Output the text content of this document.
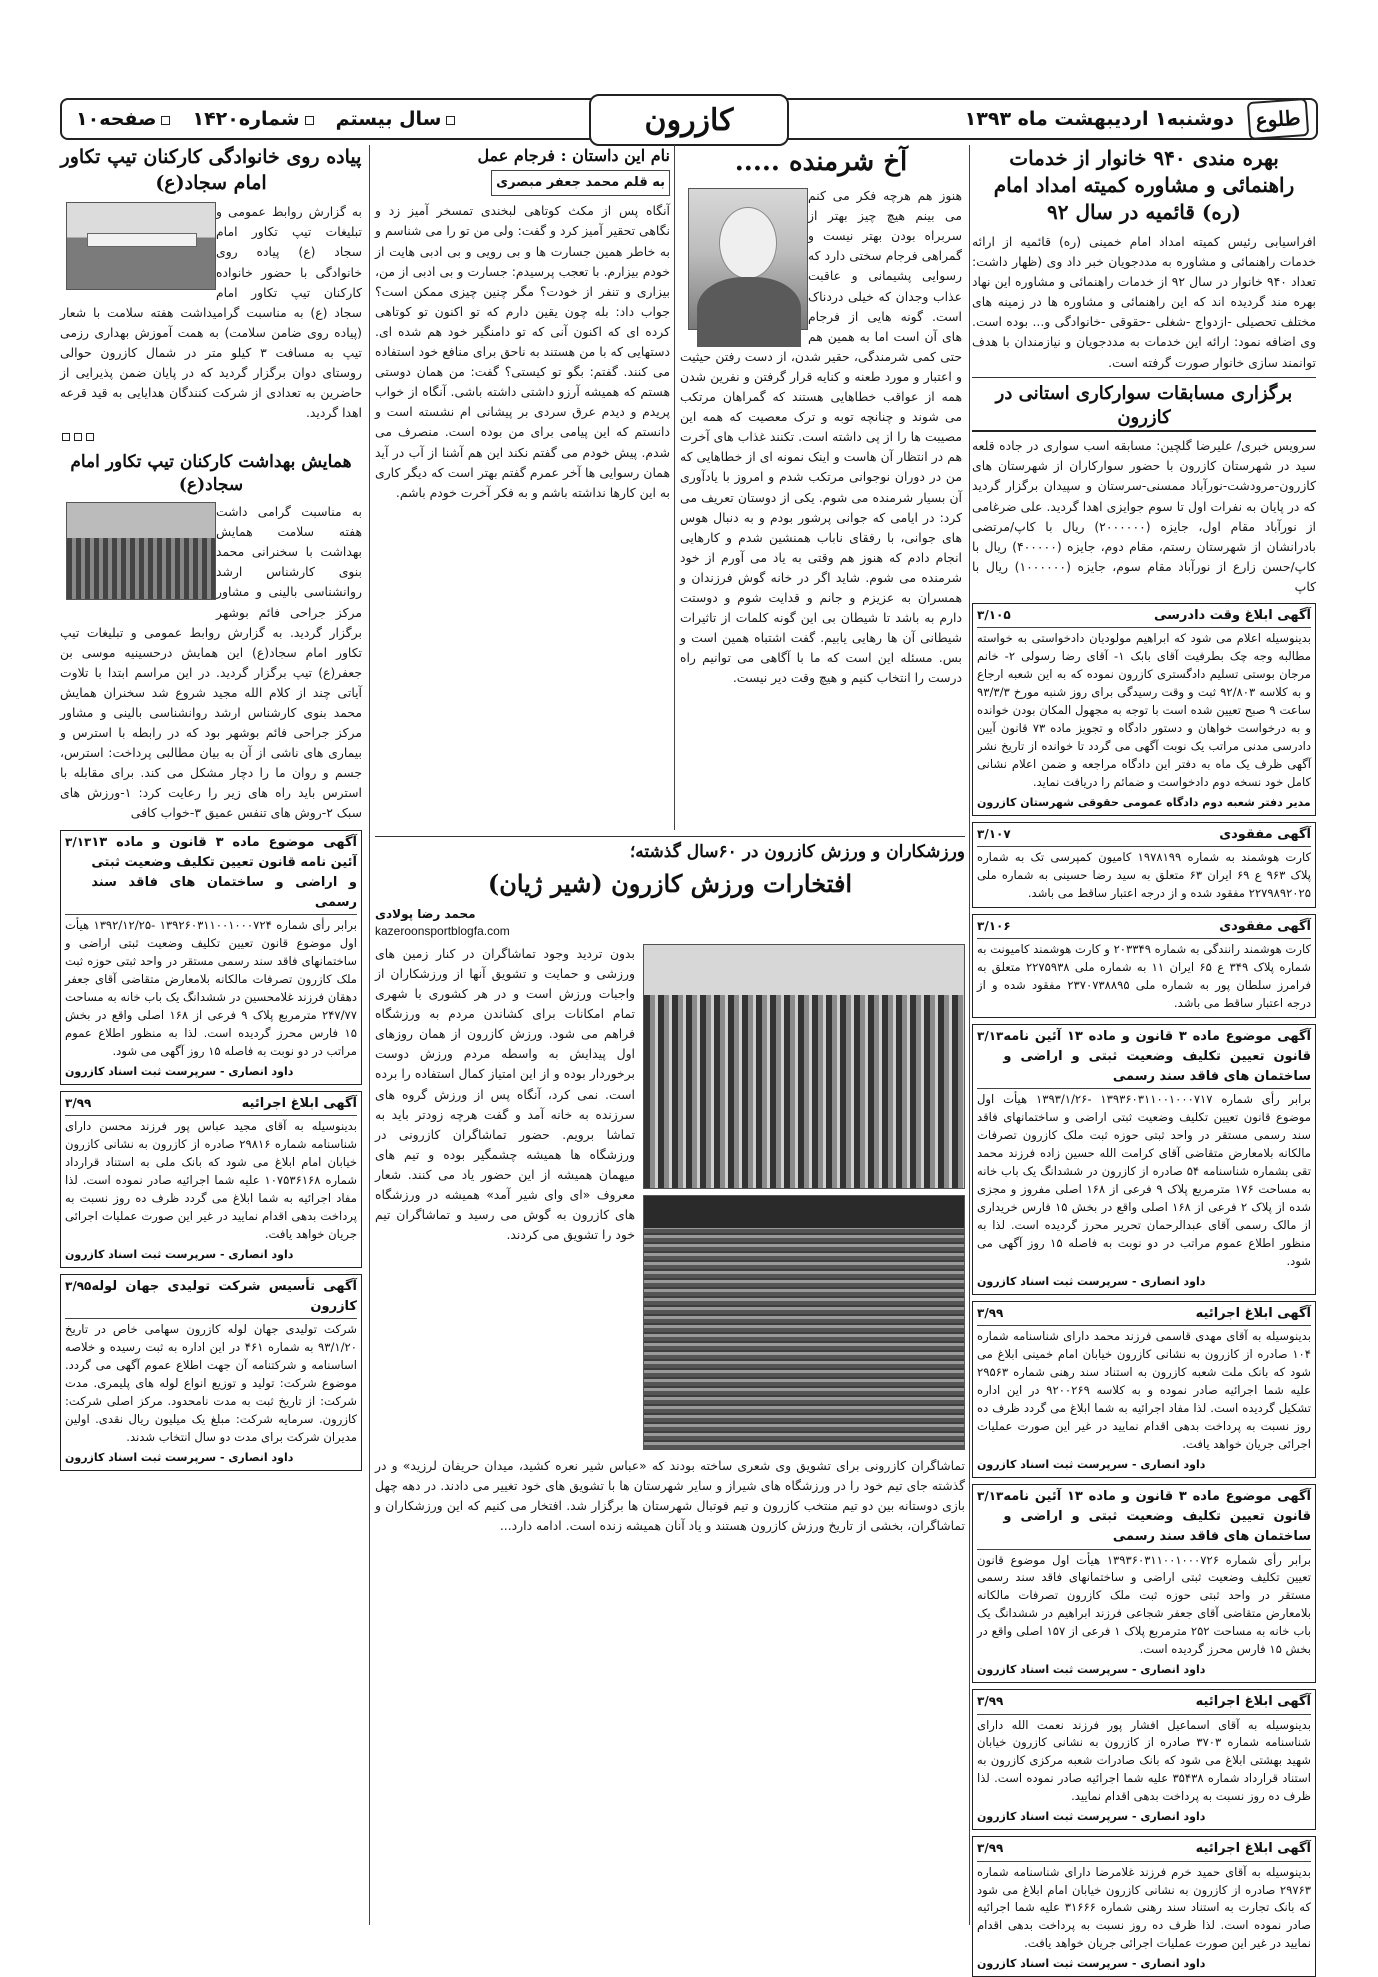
طلوع
دوشنبه۱ اردیبهشت ماه ۱۳۹۳
کازرون
سال بیستم
شماره۱۴۲۰
صفحه۱۰
بهره مندی ۹۴۰ خانوار از خدمات راهنمائی و مشاوره کمیته امداد امام (ره) قائمیه در سال ۹۲
افراسیابی رئیس کمیته امداد امام خمینی (ره) قائمیه از ارائه خدمات راهنمائی و مشاوره به مددجویان خبر داد وی (ظهار داشت: تعداد ۹۴۰ خانوار در سال ۹۲ از خدمات راهنمائی و مشاوره این نهاد بهره مند گردیده اند که این راهنمائی و مشاوره ها در زمینه های مختلف تحصیلی -ازدواج -شغلی -حقوقی -خانوادگی و... بوده است. وی اضافه نمود: ارائه این خدمات به مددجویان و نیازمندان با هدف توانمند سازی خانوار صورت گرفته است.
برگزاری مسابقات سوارکاری استانی در کازرون
سرویس خبری/ علیرضا گلچین: مسابقه اسب سواری در جاده قلعه سید در شهرستان کازرون با حضور سوارکاران از شهرستان های کازرون-مرودشت-نورآباد ممسنی-سرستان و سپیدان برگزار گردید که در پایان به نفرات اول تا سوم جوایزی اهدا گردید. علی ضرغامی از نورآباد مقام اول، جایزه (۲۰۰۰۰۰۰) ریال با کاپ/مرتضی بادرانشان از شهرستان رستم، مقام دوم، جایزه (۴۰۰۰۰۰) ریال با کاپ/حسن زارع از نورآباد مقام سوم، جایزه (۱۰۰۰۰۰۰) ریال با کاپ
آگهی ابلاغ وقت دادرسی
۳/۱۰۵
بدینوسیله اعلام می شود که ابراهیم مولودیان دادخواستی به خواسته مطالبه وجه چک بطرفیت آقای بابک ۱- آقای رضا رسولی ۲- خانم مرجان بوستی تسلیم دادگستری کازرون نموده که به این شعبه ارجاع و به کلاسه ۹۲/۸۰۳ ثبت و وقت رسیدگی برای روز شنبه مورخ ۹۳/۳/۳ ساعت ۹ صبح تعیین شده است با توجه به مجهول المکان بودن خوانده و به درخواست خواهان و دستور دادگاه و تجویز ماده ۷۳ قانون آیین دادرسی مدنی مراتب یک نوبت آگهی می گردد تا خوانده از تاریخ نشر آگهی ظرف یک ماه به دفتر این دادگاه مراجعه و ضمن اعلام نشانی کامل خود نسخه دوم دادخواست و ضمائم را دریافت نماید.
مدیر دفتر شعبه دوم دادگاه عمومی حقوقی شهرستان کازرون
آگهی مفقودی
۳/۱۰۷
کارت هوشمند به شماره ۱۹۷۸۱۹۹ کامیون کمپرسی تک به شماره پلاک ۹۶۳ ع ۶۹ ایران ۶۳ متعلق به سید رضا حسینی به شماره ملی ۲۲۷۹۸۹۲۰۲۵ مفقود شده و از درجه اعتبار ساقط می باشد.
آگهی مفقودی
۳/۱۰۶
کارت هوشمند رانندگی به شماره ۲۰۳۳۴۹ و کارت هوشمند کامیونت به شماره پلاک ۳۴۹ ع ۶۵ ایران ۱۱ به شماره ملی ۲۲۷۵۹۳۸ متعلق به فرامرز سلطان پور به شماره ملی ۲۳۷۰۷۳۸۸۹۵ مفقود شده و از درجه اعتبار ساقط می باشد.
آگهی موضوع ماده ۳ قانون و ماده ۱۳ آئین نامه قانون تعیین تکلیف وضعیت ثبتی و اراضی و ساختمان های فاقد سند رسمی
۳/۱۳
برابر رأی شماره ۱۳۹۳۶۰۳۱۱۰۰۱۰۰۰۷۱۷ -۱۳۹۳/۱/۲۶ هیأت اول موضوع قانون تعیین تکلیف وضعیت ثبتی اراضی و ساختمانهای فاقد سند رسمی مستقر در واحد ثبتی حوزه ثبت ملک کازرون تصرفات مالکانه بلامعارض متقاضی آقای کرامت الله حسین زاده فرزند محمد تقی بشماره شناسنامه ۵۴ صادره از کازرون در ششدانگ یک باب خانه به مساحت ۱۷۶ مترمربع پلاک ۹ فرعی از ۱۶۸ اصلی مفروز و مجزی شده از پلاک ۲ فرعی از ۱۶۸ اصلی واقع در بخش ۱۵ فارس خریداری از مالک رسمی آقای عبدالرحمان تحریر محرز گردیده است. لذا به منظور اطلاع عموم مراتب در دو نوبت به فاصله ۱۵ روز آگهی می شود.
داود انصاری - سرپرست ثبت اسناد کازرون
آگهی ابلاغ اجرائیه
۳/۹۹
بدینوسیله به آقای مهدی قاسمی فرزند محمد دارای شناسنامه شماره ۱۰۴ صادره از کازرون به نشانی کازرون خیابان امام خمینی ابلاغ می شود که بانک ملت شعبه کازرون به استناد سند رهنی شماره ۲۹۵۶۳ علیه شما اجرائیه صادر نموده و به کلاسه ۹۲۰۰۲۶۹ در این اداره تشکیل گردیده است. لذا مفاد اجرائیه به شما ابلاغ می گردد ظرف ده روز نسبت به پرداخت بدهی اقدام نمایید در غیر این صورت عملیات اجرائی جریان خواهد یافت.
داود انصاری - سرپرست ثبت اسناد کازرون
آگهی موضوع ماده ۳ قانون و ماده ۱۳ آئین نامه قانون تعیین تکلیف وضعیت ثبتی و اراضی و ساختمان های فاقد سند رسمی
۳/۱۳
برابر رأی شماره ۱۳۹۳۶۰۳۱۱۰۰۱۰۰۰۷۲۶ هیأت اول موضوع قانون تعیین تکلیف وضعیت ثبتی اراضی و ساختمانهای فاقد سند رسمی مستقر در واحد ثبتی حوزه ثبت ملک کازرون تصرفات مالکانه بلامعارض متقاضی آقای جعفر شجاعی فرزند ابراهیم در ششدانگ یک باب خانه به مساحت ۲۵۲ مترمربع پلاک ۱ فرعی از ۱۵۷ اصلی واقع در بخش ۱۵ فارس محرز گردیده است.
داود انصاری - سرپرست ثبت اسناد کازرون
آگهی ابلاغ اجرائیه
۳/۹۹
بدینوسیله به آقای اسماعیل افشار پور فرزند نعمت الله دارای شناسنامه شماره ۳۷۰۳ صادره از کازرون به نشانی کازرون خیابان شهید بهشتی ابلاغ می شود که بانک صادرات شعبه مرکزی کازرون به استناد قرارداد شماره ۳۵۴۳۸ علیه شما اجرائیه صادر نموده است. لذا ظرف ده روز نسبت به پرداخت بدهی اقدام نمایید.
داود انصاری - سرپرست ثبت اسناد کازرون
آگهی ابلاغ اجرائیه
۳/۹۹
بدینوسیله به آقای حمید خرم فرزند غلامرضا دارای شناسنامه شماره ۲۹۷۶۳ صادره از کازرون به نشانی کازرون خیابان امام ابلاغ می شود که بانک تجارت به استناد سند رهنی شماره ۳۱۶۶۶ علیه شما اجرائیه صادر نموده است. لذا ظرف ده روز نسبت به پرداخت بدهی اقدام نمایید در غیر این صورت عملیات اجرائی جریان خواهد یافت.
داود انصاری - سرپرست ثبت اسناد کازرون
آخ شرمنده .....
هنوز هم هرچه فکر می کنم می بینم هیچ چیز بهتر از سربراه بودن بهتر نیست و گمراهی فرجام سختی دارد که رسوایی پشیمانی و عاقبت عذاب وجدان که خیلی دردناک است. گونه هایی از فرجام های آن است اما به همین هم حتی کمی شرمندگی، حقیر شدن، از دست رفتن حیثیت و اعتبار و مورد طعنه و کنایه قرار گرفتن و نفرین شدن همه از عواقب خطاهایی هستند که گمراهان مرتکب می شوند و چنانچه توبه و ترک معصیت که همه این مصیبت ها را از پی داشته است. تکنند غذاب های آخرت هم در انتظار آن هاست و اینک نمونه ای از خطاهایی که من در دوران نوجوانی مرتکب شدم و امروز با یادآوری آن بسیار شرمنده می شوم. یکی از دوستان تعریف می کرد: در ایامی که جوانی پرشور بودم و به دنبال هوس های جوانی، با رفقای ناباب همنشین شدم و کارهایی انجام دادم که هنوز هم وقتی به یاد می آورم از خود شرمنده می شوم. شاید اگر در خانه گوش فرزندان و همسران به عزیزم و جانم و قدایت شوم و دوستت دارم به باشد تا شیطان بی این گونه کلمات از تاثیرات شیطانی آن ها رهایی یابیم. گفت اشتباه همین است و بس. مسئله این است که ما با آگاهی می توانیم راه درست را انتخاب کنیم و هیچ وقت دیر نیست.
نام این داستان : فرجام عمل
به قلم محمد جعفر مبصری
آنگاه پس از مکث کوتاهی لبخندی تمسخر آمیز زد و نگاهی تحقیر آمیز کرد و گفت: ولی من تو را می شناسم و به خاطر همین جسارت ها و بی رویی و بی ادبی هایت از خودم بیزارم. با تعجب پرسیدم: جسارت و بی ادبی از من، بیزاری و تنفر از خودت؟ مگر چنین چیزی ممکن است؟ جواب داد: بله چون یقین دارم که تو اکنون تو کوتاهی کرده ای که اکنون آنی که تو دامنگیر خود هم شده ای. دستهایی که با من هستند به ناحق برای منافع خود استفاده می کنند. گفتم: بگو تو کیستی؟ گفت: من همان دوستی هستم که همیشه آرزو داشتی داشته باشی. آنگاه از خواب پریدم و دیدم عرق سردی بر پیشانی ام نشسته است و دانستم که این پیامی برای من بوده است. منصرف می شدم. پیش خودم می گفتم نکند این هم آشنا از آب در آید همان رسوایی ها آخر عمرم گفتم بهتر است که دیگر کاری به این کارها نداشته باشم و به فکر آخرت خودم باشم.
ورزشکاران و ورزش کازرون در ۶۰سال گذشته؛
افتخارات ورزش کازرون (شیر ژیان)
محمد رضا پولادی
kazeroonsportblogfa.com
بدون تردید وجود تماشاگران در کنار زمین های ورزشی و حمایت و تشویق آنها از ورزشکاران از واجبات ورزش است و در هر کشوری با شهری تمام امکانات برای کشاندن مردم به ورزشگاه فراهم می شود. ورزش کازرون از همان روزهای اول پیدایش به واسطه مردم ورزش دوست برخوردار بوده و از این امتیاز کمال استفاده را برده است. نمی کرد، آنگاه پس از ورزش گروه های سرزنده به خانه آمد و گفت هرچه زودتر باید به تماشا برویم. حضور تماشاگران کازرونی در ورزشگاه ها همیشه چشمگیر بوده و تیم های میهمان همیشه از این حضور یاد می کنند. شعار معروف «ای وای شیر آمد» همیشه در ورزشگاه های کازرون به گوش می رسید و تماشاگران تیم خود را تشویق می کردند.
تماشاگران کازرونی برای تشویق وی شعری ساخته بودند که «عباس شیر نعره کشید، میدان حریفان لرزید» و در گذشته جای تیم خود را در ورزشگاه های شیراز و سایر شهرستان ها با تشویق های خود تغییر می دادند. در دهه چهل بازی دوستانه بین دو تیم منتخب کازرون و تیم فوتبال شهرستان ها برگزار شد. افتخار می کنیم که این ورزشکاران و تماشاگران، بخشی از تاریخ ورزش کازرون هستند و یاد آنان همیشه زنده است. ادامه دارد...
پیاده روی خانوادگی کارکنان تیپ تکاور امام سجاد(ع)
به گزارش روابط عمومی و تبلیغات تیپ تکاور امام سجاد (ع) پیاده روی خانوادگی با حضور خانواده کارکنان تیپ تکاور امام سجاد (ع) به مناسبت گرامیداشت هفته سلامت با شعار (پیاده روی ضامن سلامت) به همت آموزش بهداری رزمی تیپ به مسافت ۳ کیلو متر در شمال کازرون حوالی روستای دوان برگزار گردید که در پایان ضمن پذیرایی از حاضرین به تعدادی از شرکت کنندگان هدایایی به قید قرعه اهدا گردید.
همایش بهداشت کارکنان تیپ تکاور امام سجاد(ع)
به مناسبت گرامی داشت هفته سلامت همایش بهداشت با سخنرانی محمد بنوی کارشناس ارشد روانشناسی بالینی و مشاور مرکز جراحی فائم بوشهر برگزار گردید. به گزارش روابط عمومی و تبلیغات تیپ تکاور امام سجاد(ع) این همایش درحسینیه موسی بن جعفر(ع) تیپ برگزار گردید. در این مراسم ابتدا با تلاوت آیاتی چند از کلام الله مجید شروع شد سخنران همایش محمد بنوی کارشناس ارشد روانشناسی بالینی و مشاور مرکز جراحی فائم بوشهر بود که در رابطه با استرس و بیماری های ناشی از آن به بیان مطالبی پرداخت: استرس، جسم و روان ما را دچار مشکل می کند. برای مقابله با استرس باید راه های زیر را رعایت کرد: ۱-ورزش های سبک ۲-روش های تنفس عمیق ۳-خواب کافی
آگهی موضوع ماده ۳ قانون و ماده ۱۳ آئین نامه قانون تعیین تکلیف وضعیت ثبتی و اراضی و ساختمان های فاقد سند رسمی
۳/۱۳
برابر رأی شماره ۱۳۹۲۶۰۳۱۱۰۰۱۰۰۰۷۲۴ -۱۳۹۲/۱۲/۲۵ هیأت اول موضوع قانون تعیین تکلیف وضعیت ثبتی اراضی و ساختمانهای فاقد سند رسمی مستقر در واحد ثبتی حوزه ثبت ملک کازرون تصرفات مالکانه بلامعارض متقاضی آقای جعفر دهقان فرزند غلامحسین در ششدانگ یک باب خانه به مساحت ۲۴۷/۷۷ مترمربع پلاک ۹ فرعی از ۱۶۸ اصلی واقع در بخش ۱۵ فارس محرز گردیده است. لذا به منظور اطلاع عموم مراتب در دو نوبت به فاصله ۱۵ روز آگهی می شود.
داود انصاری - سرپرست ثبت اسناد کازرون
آگهی ابلاغ اجرائیه
۳/۹۹
بدینوسیله به آقای مجید عباس پور فرزند محسن دارای شناسنامه شماره ۲۹۸۱۶ صادره از کازرون به نشانی کازرون خیابان امام ابلاغ می شود که بانک ملی به استناد قرارداد شماره ۱۰۷۵۳۶۱۶۸ علیه شما اجرائیه صادر نموده است. لذا مفاد اجرائیه به شما ابلاغ می گردد ظرف ده روز نسبت به پرداخت بدهی اقدام نمایید در غیر این صورت عملیات اجرائی جریان خواهد یافت.
داود انصاری - سرپرست ثبت اسناد کازرون
آگهی تأسیس شرکت تولیدی جهان لوله کازرون
۳/۹۵
شرکت تولیدی جهان لوله کازرون سهامی خاص در تاریخ ۹۳/۱/۲۰ به شماره ۴۶۱ در این اداره به ثبت رسیده و خلاصه اساسنامه و شرکتنامه آن جهت اطلاع عموم آگهی می گردد. موضوع شرکت: تولید و توزیع انواع لوله های پلیمری. مدت شرکت: از تاریخ ثبت به مدت نامحدود. مرکز اصلی شرکت: کازرون. سرمایه شرکت: مبلغ یک میلیون ریال نقدی. اولین مدیران شرکت برای مدت دو سال انتخاب شدند.
داود انصاری - سرپرست ثبت اسناد کازرون
